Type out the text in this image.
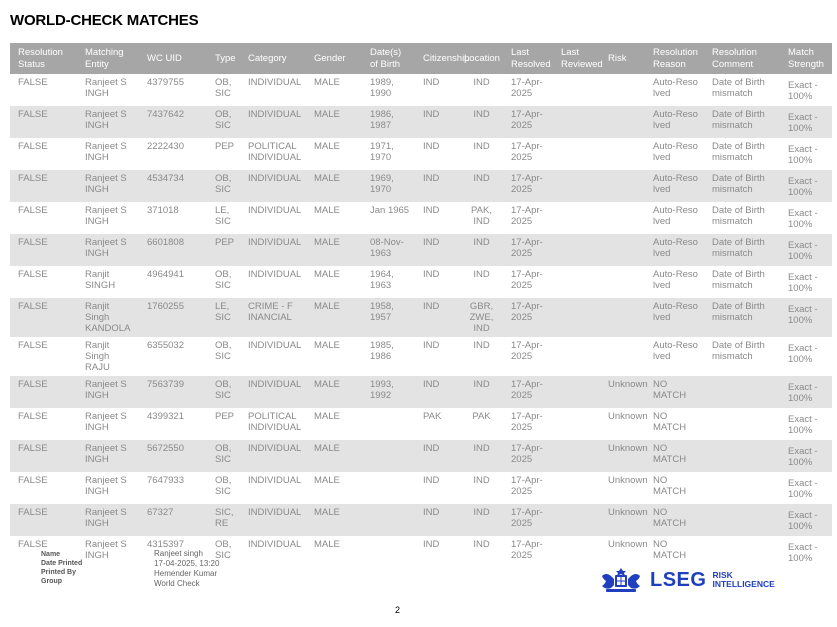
WORLD-CHECK MATCHES
Resolution Status	Matching Entity	WC UID	Type	Category	Gender	Date(s) of Birth	Citizenship	Location	Last Resolved	Last Reviewed	Risk	Resolution Reason	Resolution Comment	Match Strength
FALSE	Ranjeet S INGH	4379755	OB, SIC	INDIVIDUAL	MALE	1989, 1990	IND	IND	17-Apr-2025			Auto-Reso lved	Date of Birth mismatch	Exact - 100%
FALSE	Ranjeet S INGH	7437642	OB, SIC	INDIVIDUAL	MALE	1986, 1987	IND	IND	17-Apr-2025			Auto-Reso lved	Date of Birth mismatch	Exact - 100%
FALSE	Ranjeet S INGH	2222430	PEP	POLITICAL INDIVIDUAL	MALE	1971, 1970	IND	IND	17-Apr-2025			Auto-Reso lved	Date of Birth mismatch	Exact - 100%
FALSE	Ranjeet S INGH	4534734	OB, SIC	INDIVIDUAL	MALE	1969, 1970	IND	IND	17-Apr-2025			Auto-Reso lved	Date of Birth mismatch	Exact - 100%
FALSE	Ranjeet S INGH	371018	LE, SIC	INDIVIDUAL	MALE	Jan 1965	IND	PAK, IND	17-Apr-2025			Auto-Reso lved	Date of Birth mismatch	Exact - 100%
FALSE	Ranjeet S INGH	6601808	PEP	INDIVIDUAL	MALE	08-Nov-1963	IND	IND	17-Apr-2025			Auto-Reso lved	Date of Birth mismatch	Exact - 100%
FALSE	Ranjit SINGH	4964941	OB, SIC	INDIVIDUAL	MALE	1964, 1963	IND	IND	17-Apr-2025			Auto-Reso lved	Date of Birth mismatch	Exact - 100%
FALSE	Ranjit Singh KANDOLA	1760255	LE, SIC	CRIME - F INANCIAL	MALE	1958, 1957	IND	GBR, ZWE, IND	17-Apr-2025			Auto-Reso lved	Date of Birth mismatch	Exact - 100%
FALSE	Ranjit Singh RAJU	6355032	OB, SIC	INDIVIDUAL	MALE	1985, 1986	IND	IND	17-Apr-2025			Auto-Reso lved	Date of Birth mismatch	Exact - 100%
FALSE	Ranjeet S INGH	7563739	OB, SIC	INDIVIDUAL	MALE	1993, 1992	IND	IND	17-Apr-2025		Unknown	NO MATCH		Exact - 100%
FALSE	Ranjeet S INGH	4399321	PEP	POLITICAL INDIVIDUAL	MALE		PAK	PAK	17-Apr-2025		Unknown	NO MATCH		Exact - 100%
FALSE	Ranjeet S INGH	5672550	OB, SIC	INDIVIDUAL	MALE		IND	IND	17-Apr-2025		Unknown	NO MATCH		Exact - 100%
FALSE	Ranjeet S INGH	7647933	OB, SIC	INDIVIDUAL	MALE		IND	IND	17-Apr-2025		Unknown	NO MATCH		Exact - 100%
FALSE	Ranjeet S INGH	67327	SIC, RE	INDIVIDUAL	MALE		IND	IND	17-Apr-2025		Unknown	NO MATCH		Exact - 100%
FALSE	Ranjeet S INGH	4315397	OB, SIC	INDIVIDUAL	MALE		IND	IND	17-Apr-2025		Unknown	NO MATCH		Exact - 100%
Name	Ranjeet singh
Date Printed	17-04-2025, 13:20
Printed By	Hemender Kumar
Group	World Check	LSEG RISK
INTELLIGENCE
2
